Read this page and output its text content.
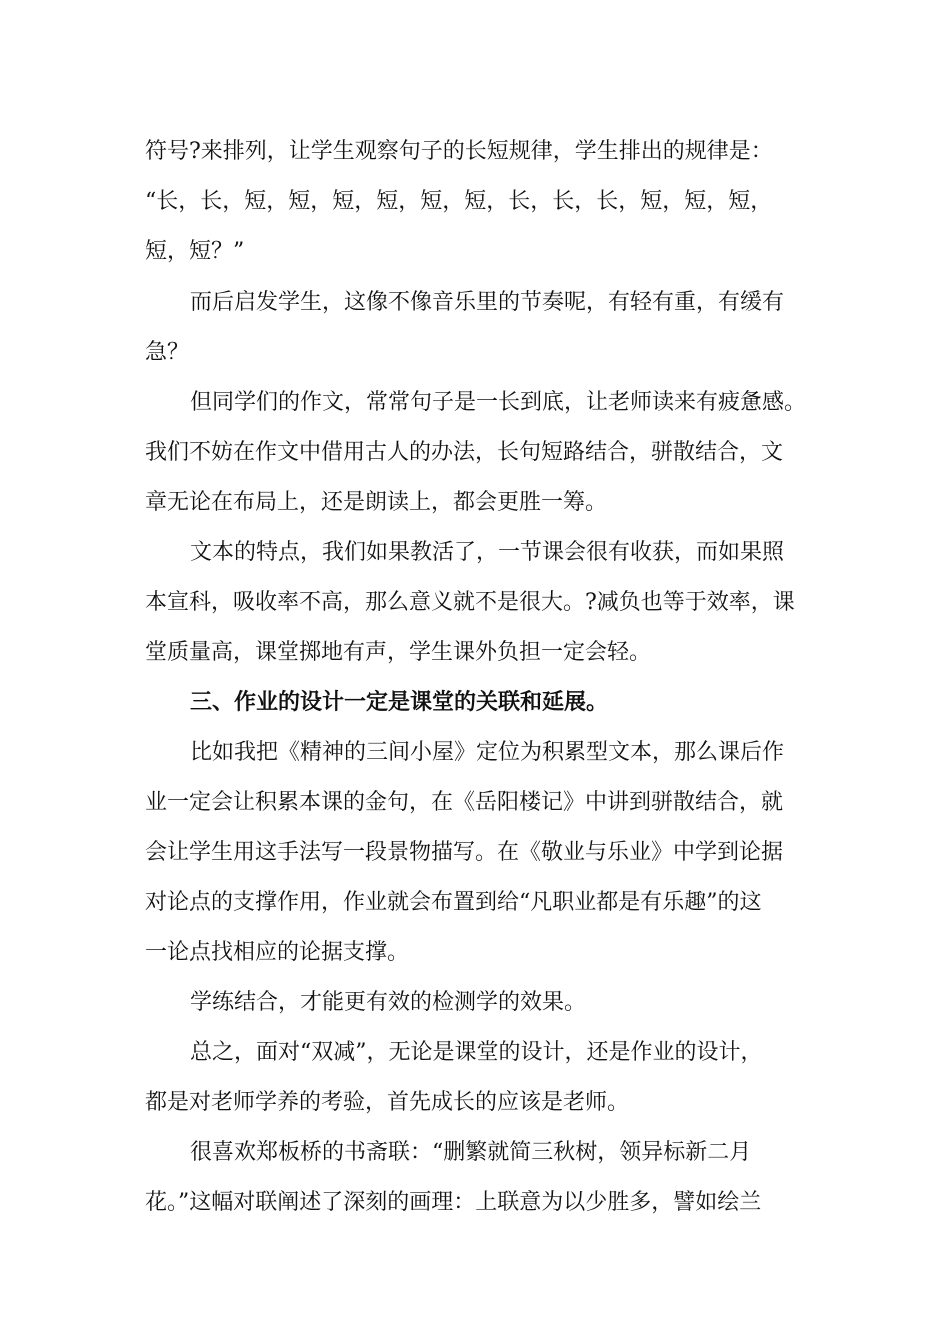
符号?来排列，让学生观察句子的长短规律，学生排出的规律是：
“长，长，短，短，短，短，短，短，长，长，长，短，短，短，
短，短？”
而后启发学生，这像不像音乐里的节奏呢，有轻有重，有缓有
急？
但同学们的作文，常常句子是一长到底，让老师读来有疲惫感。
我们不妨在作文中借用古人的办法，长句短路结合，骈散结合，文
章无论在布局上，还是朗读上，都会更胜一筹。
文本的特点，我们如果教活了，一节课会很有收获，而如果照
本宣科，吸收率不高，那么意义就不是很大。?减负也等于效率，课
堂质量高，课堂掷地有声，学生课外负担一定会轻。
三、作业的设计一定是课堂的关联和延展。
比如我把《精神的三间小屋》定位为积累型文本，那么课后作
业一定会让积累本课的金句，在《岳阳楼记》中讲到骈散结合，就
会让学生用这手法写一段景物描写。在《敬业与乐业》中学到论据
对论点的支撑作用，作业就会布置到给“凡职业都是有乐趣”的这
一论点找相应的论据支撑。
学练结合，才能更有效的检测学的效果。
总之，面对“双减”，无论是课堂的设计，还是作业的设计，
都是对老师学养的考验，首先成长的应该是老师。
很喜欢郑板桥的书斋联：“删繁就简三秋树，领异标新二月
花。”这幅对联阐述了深刻的画理：上联意为以少胜多，譬如绘兰
